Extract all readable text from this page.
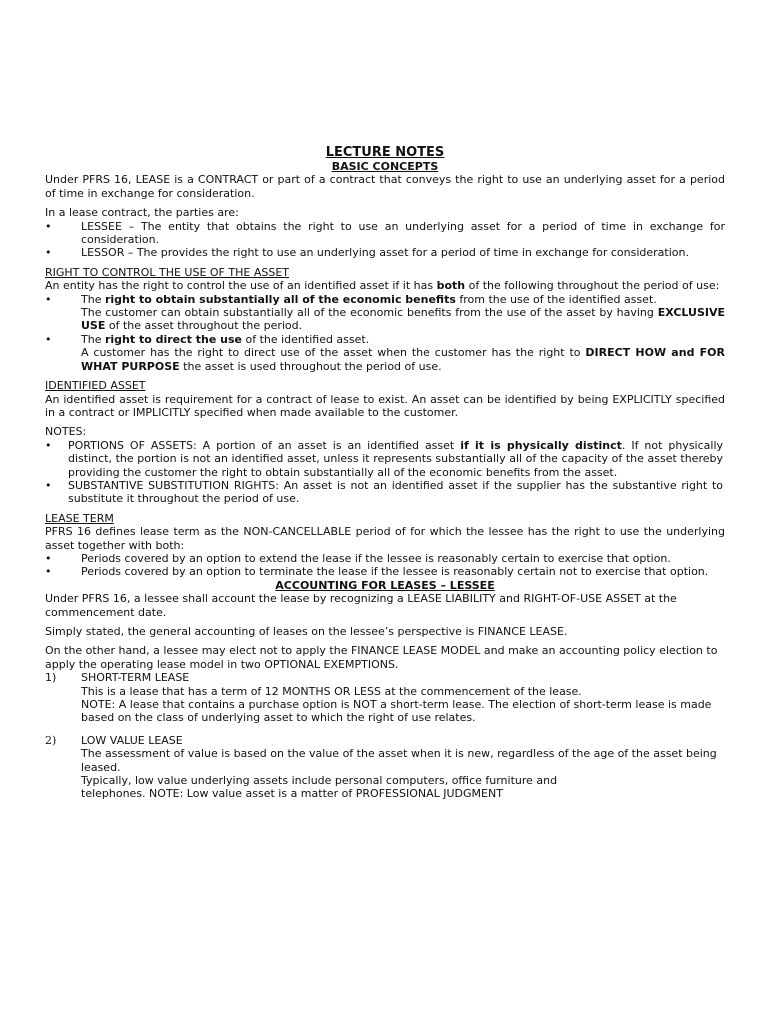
LECTURE NOTES
BASIC CONCEPTS

Under PFRS 16, LEASE is a CONTRACT or part of a contract that conveys the right to use an underlying asset for a period of time in exchange for consideration.

In a lease contract, the parties are:

•	LESSEE – The entity that obtains the right to use an underlying asset for a period of time in exchange for consideration.
•	LESSOR – The provides the right to use an underlying asset for a period of time in exchange for consideration.

RIGHT TO CONTROL THE USE OF THE ASSET

An entity has the right to control the use of an identified asset if it has both of the following throughout the period of use:

•	The right to obtain substantially all of the economic benefits from the use of the identified asset.
The customer can obtain substantially all of the economic benefits from the use of the asset by having EXCLUSIVE USE of the asset throughout the period.
•	The right to direct the use of the identified asset.
A customer has the right to direct use of the asset when the customer has the right to DIRECT HOW and FOR WHAT PURPOSE the asset is used throughout the period of use.

IDENTIFIED ASSET

An identified asset is requirement for a contract of lease to exist. An asset can be identified by being EXPLICITLY specified in a contract or IMPLICITLY specified when made available to the customer.

NOTES:

• PORTIONS OF ASSETS: A portion of an asset is an identified asset if it is physically distinct. If not physically distinct, the portion is not an identified asset, unless it represents substantially all of the capacity of the asset thereby providing the customer the right to obtain substantially all of the economic benefits from the asset.
• SUBSTANTIVE SUBSTITUTION RIGHTS: An asset is not an identified asset if the supplier has the substantive right to substitute it throughout the period of use.

LEASE TERM

PFRS 16 defines lease term as the NON-CANCELLABLE period of for which the lessee has the right to use the underlying asset together with both:

•	Periods covered by an option to extend the lease if the lessee is reasonably certain to exercise that option.
•	Periods covered by an option to terminate the lease if the lessee is reasonably certain not to exercise that option.
ACCOUNTING FOR LEASES – LESSEE

Under PFRS 16, a lessee shall account the lease by recognizing a LEASE LIABILITY and RIGHT-OF-USE ASSET at the commencement date.

Simply stated, the general accounting of leases on the lessee’s perspective is FINANCE LEASE.

On the other hand, a lessee may elect not to apply the FINANCE LEASE MODEL and make an accounting policy election to apply the operating lease model in two OPTIONAL EXEMPTIONS.

1) SHORT-TERM LEASE
This is a lease that has a term of 12 MONTHS OR LESS at the commencement of the lease.
NOTE: A lease that contains a purchase option is NOT a short-term lease. The election of short-term lease is made based on the class of underlying asset to which the right of use relates.
2) LOW VALUE LEASE
The assessment of value is based on the value of the asset when it is new, regardless of the age of the asset being leased.
Typically, low value underlying assets include personal computers, office furniture and
telephones. NOTE: Low value asset is a matter of PROFESSIONAL JUDGMENT
